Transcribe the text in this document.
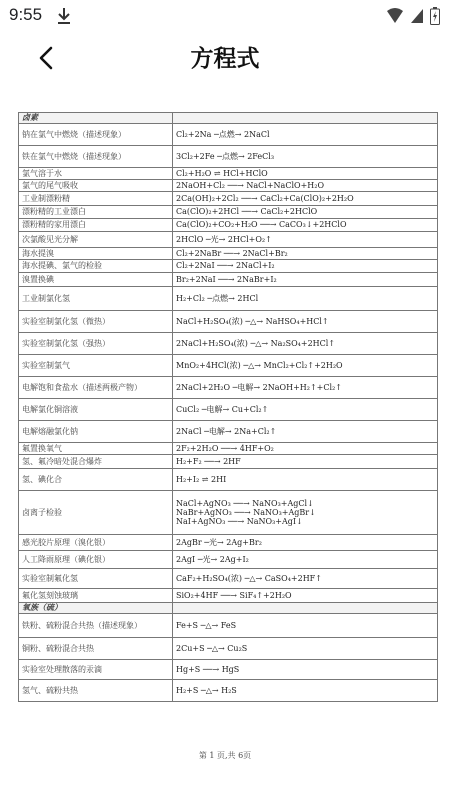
9:55
方程式
卤素	
钠在氯气中燃烧（描述现象）	Cl₂+2Na ─点燃→ 2NaCl

铁在氯气中燃烧（描述现象）	3Cl₂+2Fe ─点燃→ 2FeCl₃

氯气溶于水	Cl₂+H₂O ⇌ HCl+HClO

氯气的尾气吸收	2NaOH+Cl₂ ──→ NaCl+NaClO+H₂O

工业制漂粉精	2Ca(OH)₂+2Cl₂ ──→ CaCl₂+Ca(ClO)₂+2H₂O

漂粉精的工业漂白	Ca(ClO)₂+2HCl ──→ CaCl₂+2HClO

漂粉精的家用漂白	Ca(ClO)₂+CO₂+H₂O ──→ CaCO₃↓+2HClO

次氯酸见光分解	2HClO ─光→ 2HCl+O₂↑

海水提溴	Cl₂+2NaBr ──→ 2NaCl+Br₂

海水提碘、氯气的检验	Cl₂+2NaI ──→ 2NaCl+I₂

溴置换碘	Br₂+2NaI ──→ 2NaBr+I₂

工业制氯化氢	H₂+Cl₂ ─点燃→ 2HCl

实验室制氯化氢（微热）	NaCl+H₂SO₄(浓) ─△→ NaHSO₄+HCl↑

实验室制氯化氢（强热）	2NaCl+H₂SO₄(浓) ─△→ Na₂SO₄+2HCl↑

实验室制氯气	MnO₂+4HCl(浓) ─△→ MnCl₂+Cl₂↑+2H₂O

电解饱和食盐水（描述两极产物）	2NaCl+2H₂O ─电解→ 2NaOH+H₂↑+Cl₂↑

电解氯化铜溶液	CuCl₂ ─电解→ Cu+Cl₂↑

电解熔融氯化钠	2NaCl ─电解→ 2Na+Cl₂↑

氟置换氧气	2F₂+2H₂O ──→ 4HF+O₂

氢、氟冷暗处混合爆炸	H₂+F₂ ──→ 2HF

氢、碘化合	H₂+I₂ ⇌ 2HI

卤离子检验	NaCl+AgNO₃ ──→ NaNO₃+AgCl↓
NaBr+AgNO₃ ──→ NaNO₃+AgBr↓
NaI+AgNO₃ ──→ NaNO₃+AgI↓

感光胶片原理（溴化银）	2AgBr ─光→ 2Ag+Br₂

人工降雨原理（碘化银）	2AgI ─光→ 2Ag+I₂

实验室制氟化氢	CaF₂+H₂SO₄(浓) ─△→ CaSO₄+2HF↑

氟化氢刻蚀玻璃	SiO₂+4HF ──→ SiF₄↑+2H₂O

氧族（硫）	
铁粉、硫粉混合共热（描述现象）	Fe+S ─△→ FeS

铜粉、硫粉混合共热	2Cu+S ─△→ Cu₂S

实验室处理散落的汞滴	Hg+S ──→ HgS

氢气、硫粉共热	H₂+S ─△→ H₂S
第 1 页,共 6页
